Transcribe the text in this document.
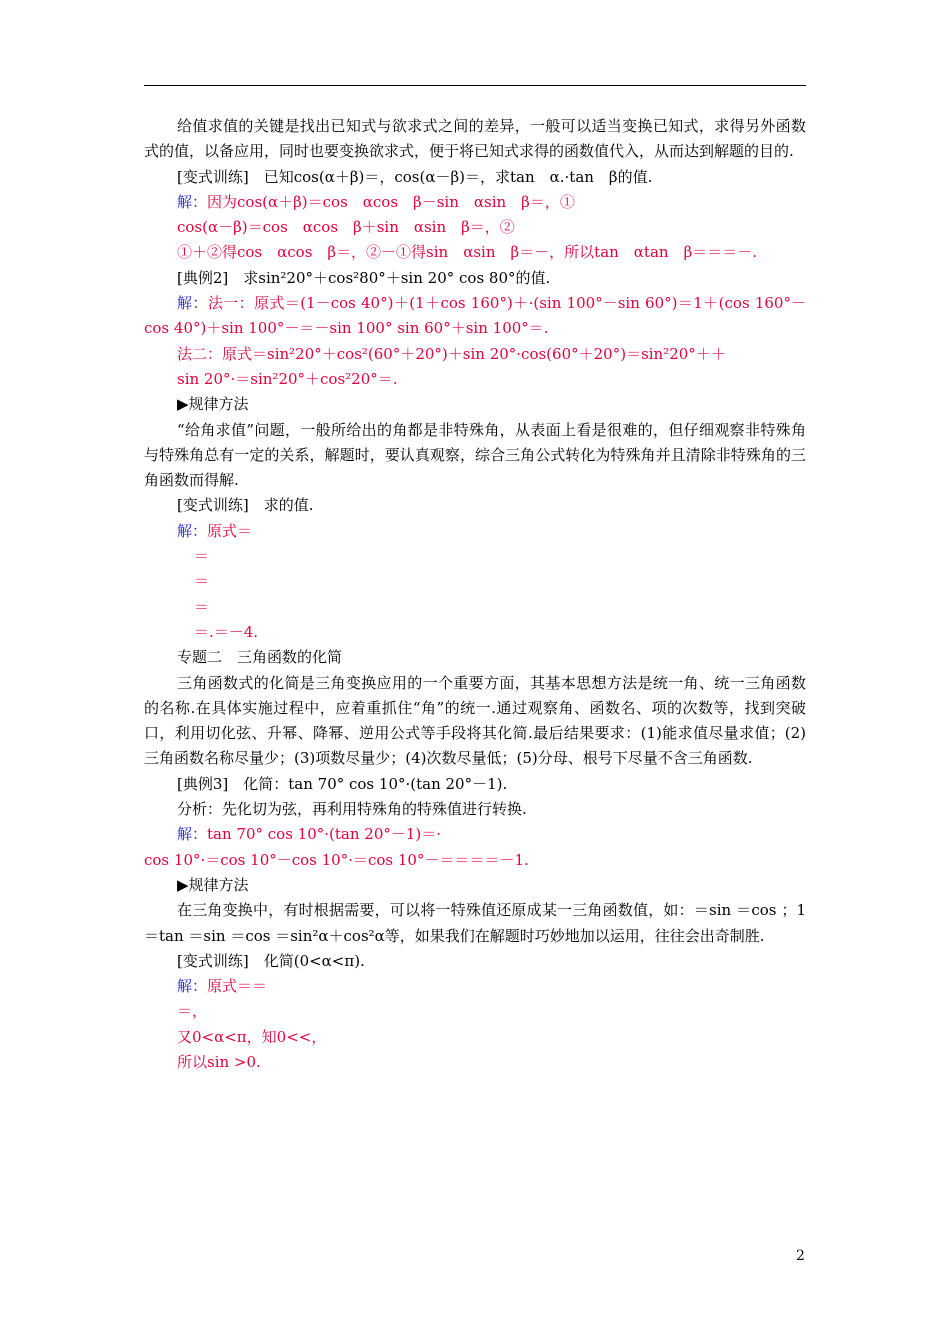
给值求值的关键是找出已知式与欲求式之间的差异，一般可以适当变换已知式，求得另外函数式的值，以备应用，同时也要变换欲求式，便于将已知式求得的函数值代入，从而达到解题的目的.

[变式训练]　已知cos(α＋β)＝，cos(α－β)＝，求tan　α.·tan　β的值.

解：因为cos(α＋β)＝cos　αcos　β－sin　αsin　β＝，①

cos(α－β)＝cos　αcos　β＋sin　αsin　β＝，②

①＋②得cos　αcos　β＝，②－①得sin　αsin　β＝－，所以tan　αtan　β＝＝＝－.

[典例2]　求sin²20°＋cos²80°＋sin 20° cos 80°的值.

解：法一：原式＝(1－cos 40°)＋(1＋cos 160°)＋·(sin 100°－sin 60°)＝1＋(cos 160°－cos 40°)＋sin 100°－＝－sin 100° sin 60°＋sin 100°＝.

法二：原式＝sin²20°＋cos²(60°＋20°)＋sin 20°·cos(60°＋20°)＝sin²20°＋＋

sin 20°·＝sin²20°＋cos²20°＝.

▶规律方法

“给角求值”问题，一般所给出的角都是非特殊角，从表面上看是很难的，但仔细观察非特殊角与特殊角总有一定的关系，解题时，要认真观察，综合三角公式转化为特殊角并且清除非特殊角的三角函数而得解.

[变式训练]　求的值.

解：原式＝

＝

＝

＝

＝.＝－4.

专题二　三角函数的化简

三角函数式的化简是三角变换应用的一个重要方面，其基本思想方法是统一角、统一三角函数的名称.在具体实施过程中，应着重抓住“角”的统一.通过观察角、函数名、项的次数等，找到突破口，利用切化弦、升幂、降幂、逆用公式等手段将其化简.最后结果要求：(1)能求值尽量求值；(2)三角函数名称尽量少；(3)项数尽量少；(4)次数尽量低；(5)分母、根号下尽量不含三角函数.

[典例3]　化简：tan 70° cos 10°·(tan 20°－1).

分析：先化切为弦，再利用特殊角的特殊值进行转换.

解：tan 70° cos 10°·(tan 20°－1)＝·

cos 10°·＝cos 10°－cos 10°·＝cos 10°－＝＝＝＝－1.

▶规律方法

在三角变换中，有时根据需要，可以将一特殊值还原成某一三角函数值，如：＝sin ＝cos ；1＝tan ＝sin ＝cos ＝sin²α＋cos²α等，如果我们在解题时巧妙地加以运用，往往会出奇制胜.

[变式训练]　化简(0<α<π).

解：原式＝＝

＝，

又0<α<π，知0<<，

所以sin >0.

2
